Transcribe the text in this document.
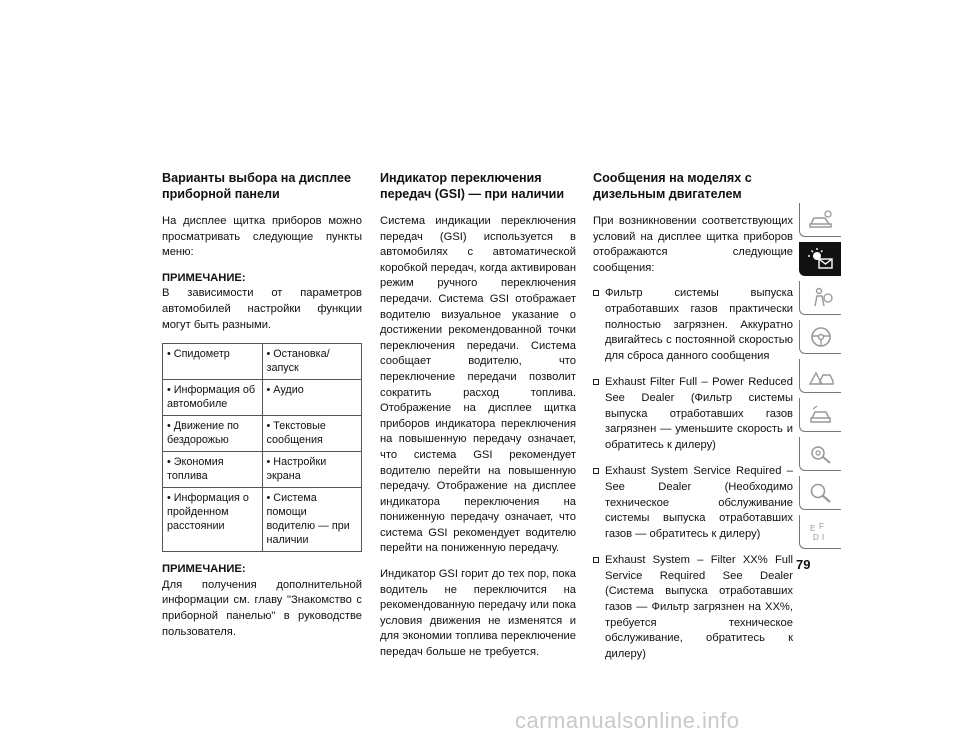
Варианты выбора на дисплее приборной панели

На дисплее щитка приборов можно просматривать следующие пункты меню:

ПРИМЕЧАНИЕ:

В зависимости от параметров автомобилей настройки функции могут быть разными.

• Спидометр	• Остановка/запуск
• Информация об автомобиле	• Аудио
• Движение по бездорожью	• Текстовые сообщения
• Экономия топлива	• Настройки экрана
• Информация о пройденном расстоянии	• Система помощи водителю — при наличии
ПРИМЕЧАНИЕ:

Для получения дополнительной информации см. главу "Знакомство с приборной панелью" в руководстве пользователя.

Индикатор переключения передач (GSI) — при наличии

Система индикации переключения передач (GSI) используется в автомобилях с автоматической коробкой передач, когда активирован режим ручного переключения передачи. Система GSI отображает водителю визуальное указание о достижении рекомендованной точки переключения передачи. Система сообщает водителю, что переключение передачи позволит сократить расход топлива. Отображение на дисплее щитка приборов индикатора переключения на повышенную передачу означает, что система GSI рекомендует водителю перейти на повышенную передачу. Отображение на дисплее индикатора переключения на пониженную передачу означает, что система GSI рекомендует водителю перейти на пониженную передачу.

Индикатор GSI горит до тех пор, пока водитель не переключится на рекомендованную передачу или пока условия движения не изменятся и для экономии топлива переключение передач больше не требуется.

Сообщения на моделях с дизельным двигателем

При возникновении соответствующих условий на дисплее щитка приборов отображаются следующие сообщения:

Фильтр системы выпуска отработавших газов практически полностью загрязнен. Аккуратно двигайтесь с постоянной скоростью для сброса данного сообщения
Exhaust Filter Full – Power Reduced See Dealer (Фильтр системы выпуска отработавших газов загрязнен — уменьшите скорость и обратитесь к дилеру)
Exhaust System Service Required – See Dealer (Необходимо техническое обслуживание системы выпуска отработавших газов — обратитесь к дилеру)
Exhaust System – Filter XX% Full Service Required See Dealer (Система выпуска отработавших газов — Фильтр загрязнен на XX%, требуется техническое обслуживание, обратитесь к дилеру)
E F
D I
79
carmanualsonline.info
